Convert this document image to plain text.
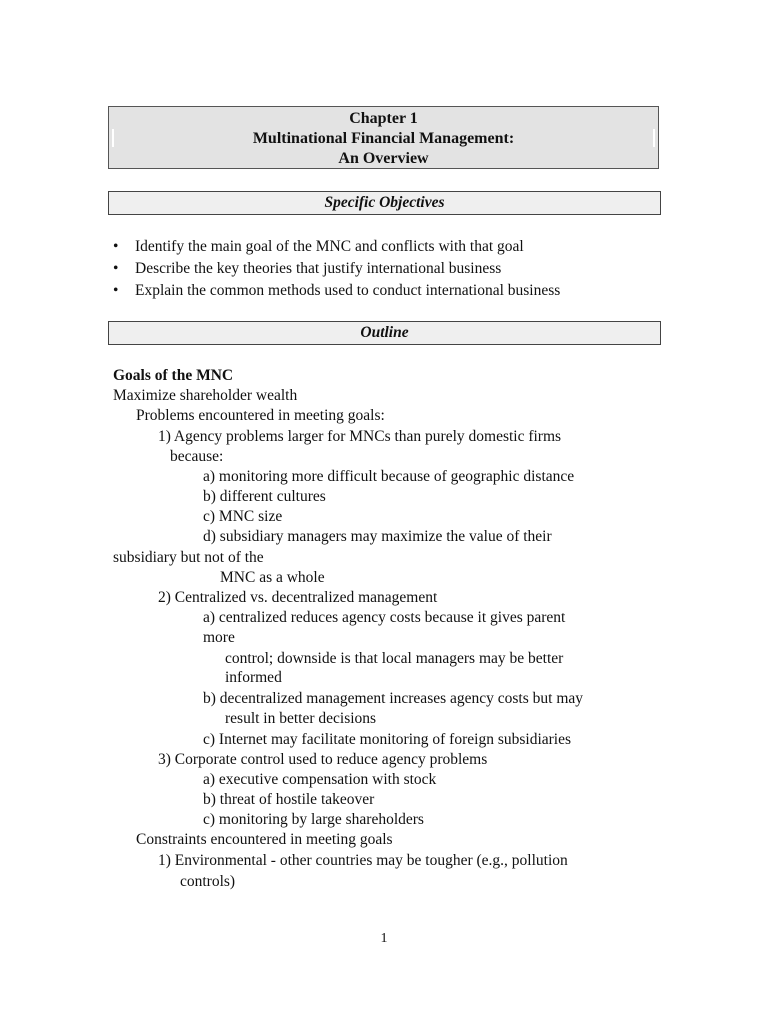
Chapter 1
Multinational Financial Management:
An Overview
Specific Objectives
• Identify the main goal of the MNC and conflicts with that goal
• Describe the key theories that justify international business
• Explain the common methods used to conduct international business
Outline
Goals of the MNC
Maximize shareholder wealth
Problems encountered in meeting goals:
1) Agency problems larger for MNCs than purely domestic firms
because:
a) monitoring more difficult because of geographic distance
b) different cultures
c) MNC size
d) subsidiary managers may maximize the value of their
subsidiary but not of the
MNC as a whole
2) Centralized vs. decentralized management
a) centralized reduces agency costs because it gives parent
more
control; downside is that local managers may be better
informed
b) decentralized management increases agency costs but may
result in better decisions
c) Internet may facilitate monitoring of foreign subsidiaries
3) Corporate control used to reduce agency problems
a) executive compensation with stock
b) threat of hostile takeover
c) monitoring by large shareholders
Constraints encountered in meeting goals
1) Environmental - other countries may be tougher (e.g., pollution
controls)
1
